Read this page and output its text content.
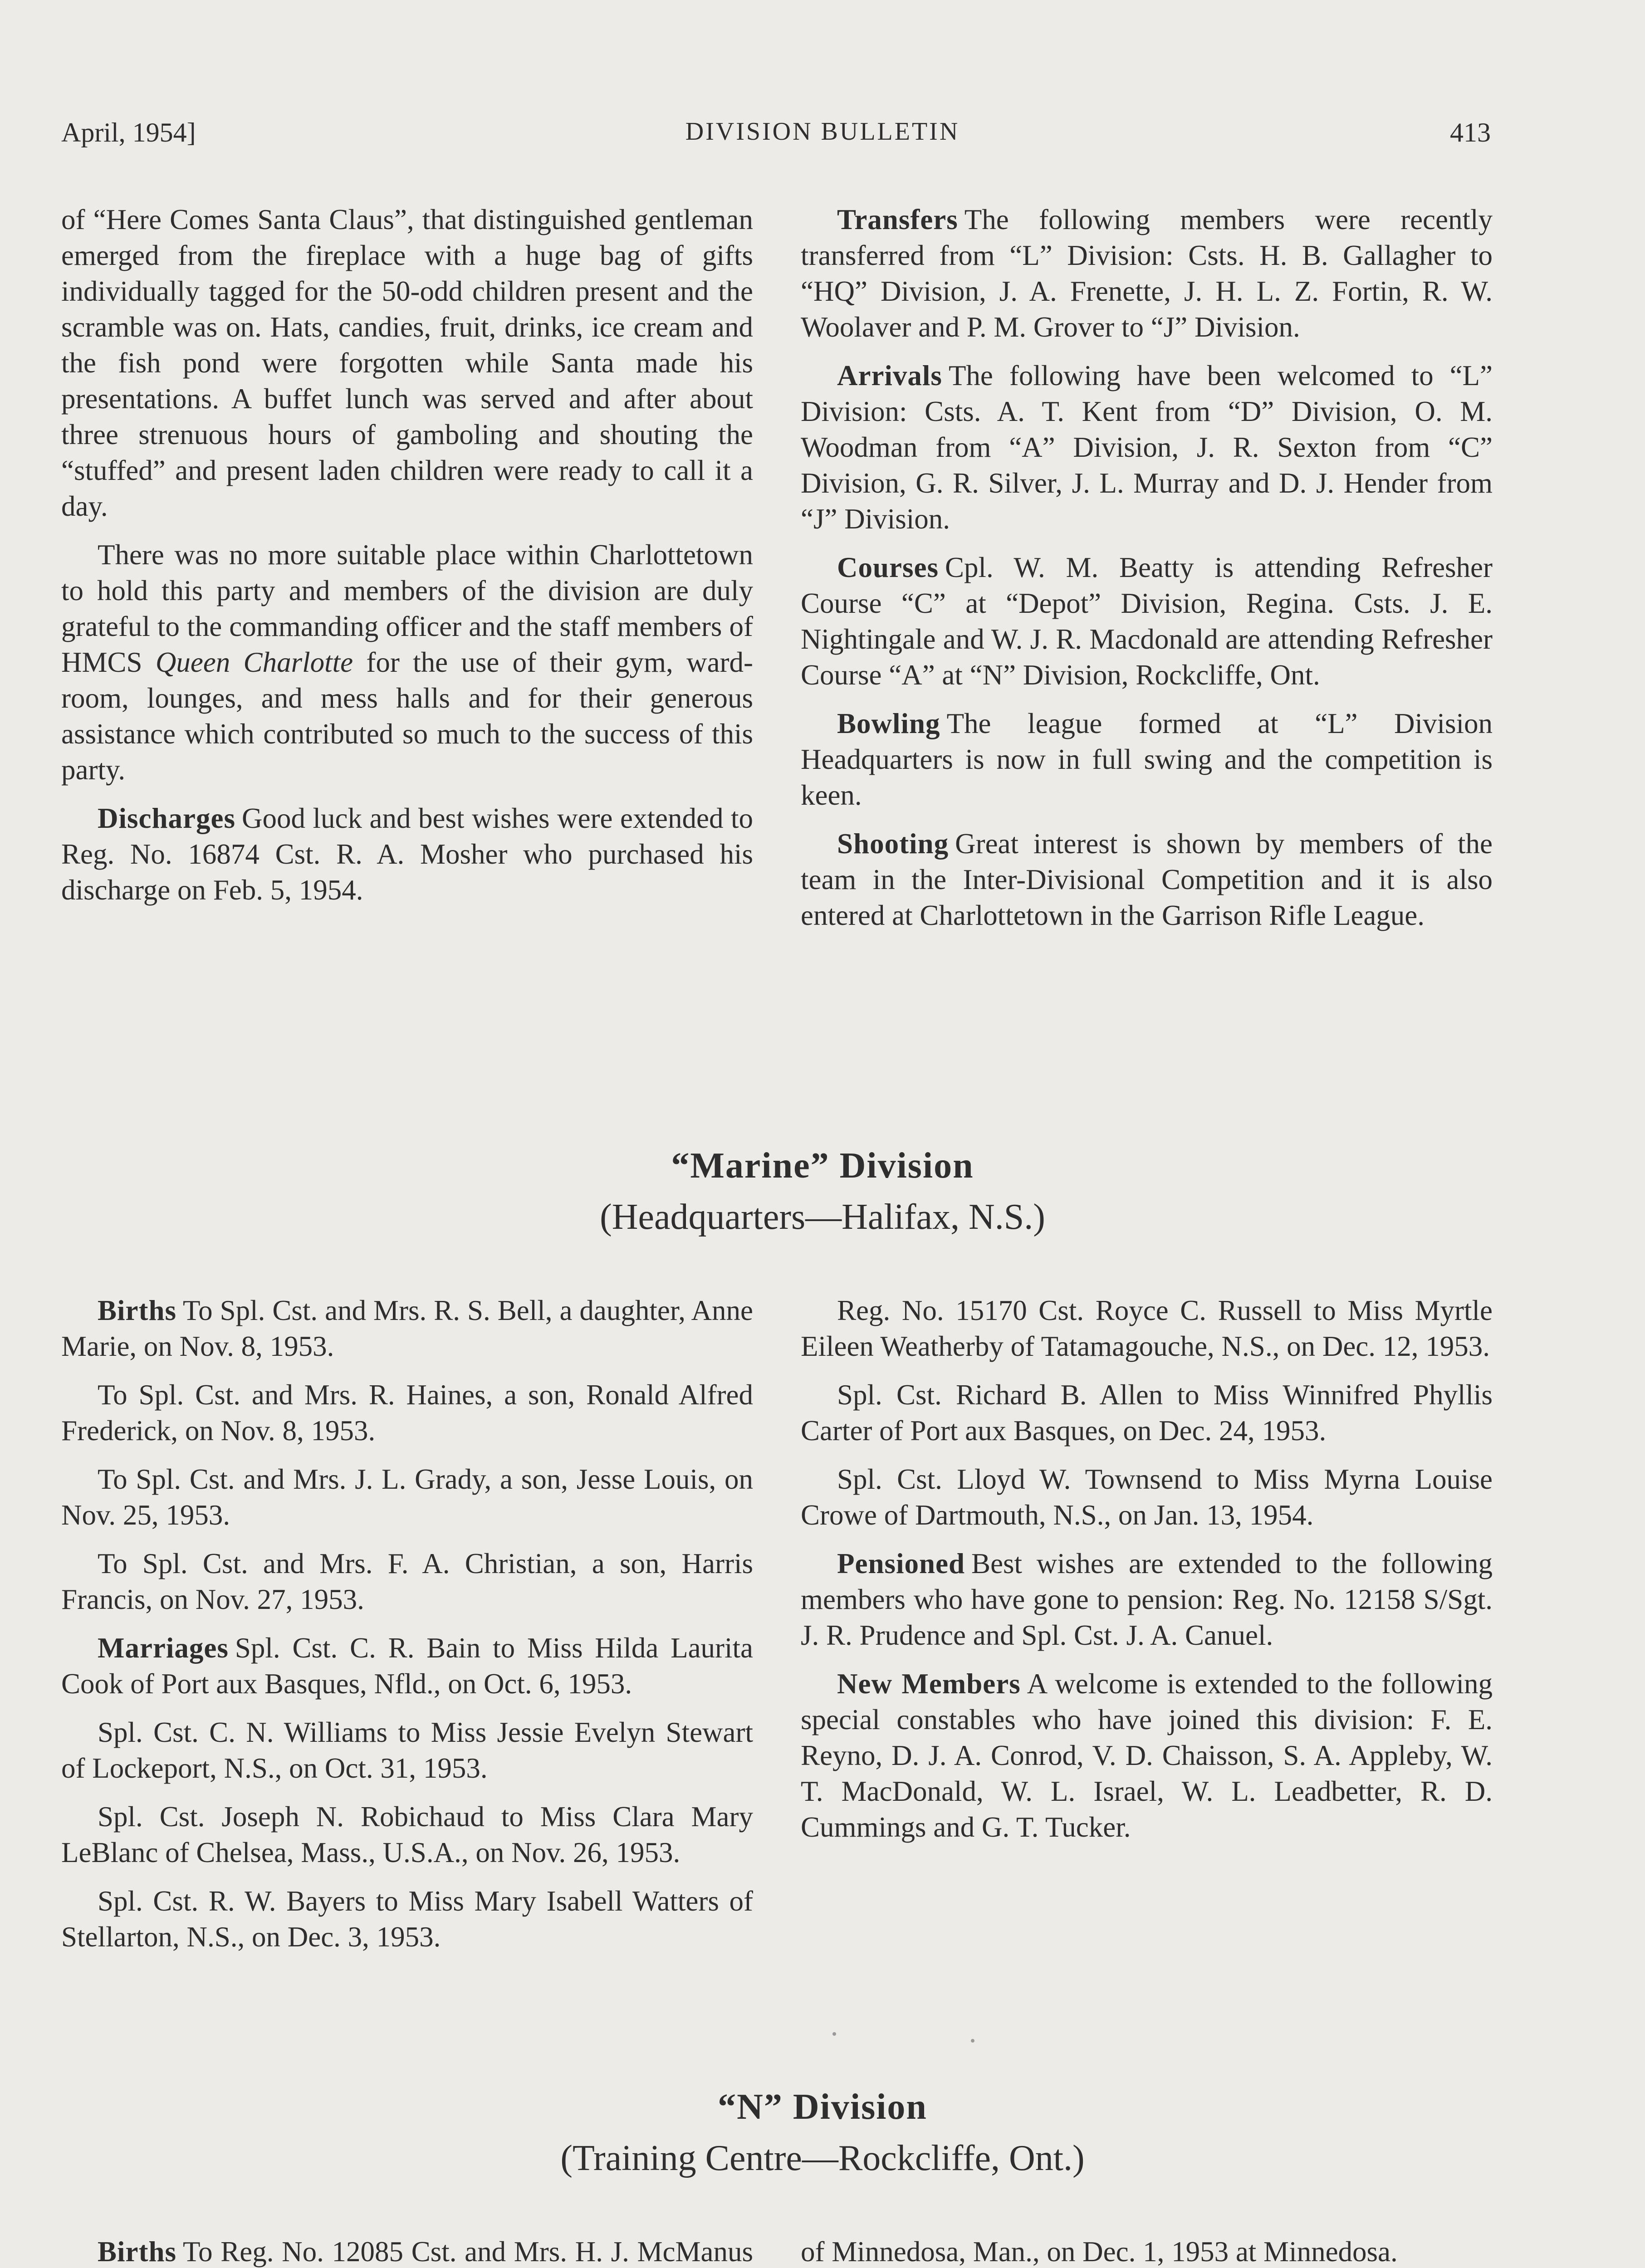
April, 1954]	DIVISION BULLETIN	413

of “Here Comes Santa Claus”, that distinguished gentleman emerged from the fireplace with a huge bag of gifts individually tagged for the 50-odd children present and the scramble was on. Hats, candies, fruit, drinks, ice cream and the fish pond were forgotten while Santa made his presentations. A buffet lunch was served and after about three strenuous hours of gamboling and shouting the “stuffed” and present laden children were ready to call it a day.

There was no more suitable place within Charlottetown to hold this party and members of the division are duly grateful to the commanding officer and the staff members of HMCS Queen Charlotte for the use of their gym, ward-room, lounges, and mess halls and for their generous assistance which contributed so much to the success of this party.

Discharges Good luck and best wishes were extended to Reg. No. 16874 Cst. R. A. Mosher who purchased his discharge on Feb. 5, 1954.

Transfers The following members were recently transferred from “L” Division: Csts. H. B. Gallagher to “HQ” Division, J. A. Frenette, J. H. L. Z. Fortin, R. W. Woolaver and P. M. Grover to “J” Division.

Arrivals The following have been welcomed to “L” Division: Csts. A. T. Kent from “D” Division, O. M. Woodman from “A” Division, J. R. Sexton from “C” Division, G. R. Silver, J. L. Murray and D. J. Hender from “J” Division.

Courses Cpl. W. M. Beatty is attending Refresher Course “C” at “Depot” Division, Regina. Csts. J. E. Nightingale and W. J. R. Macdonald are attending Refresher Course “A” at “N” Division, Rockcliffe, Ont.

Bowling The league formed at “L” Division Headquarters is now in full swing and the competition is keen.

Shooting Great interest is shown by members of the team in the Inter-Divisional Competition and it is also entered at Charlottetown in the Garrison Rifle League.

“Marine” Division
(Headquarters—Halifax, N.S.)

Births To Spl. Cst. and Mrs. R. S. Bell, a daughter, Anne Marie, on Nov. 8, 1953.

To Spl. Cst. and Mrs. R. Haines, a son, Ronald Alfred Frederick, on Nov. 8, 1953.

To Spl. Cst. and Mrs. J. L. Grady, a son, Jesse Louis, on Nov. 25, 1953.

To Spl. Cst. and Mrs. F. A. Christian, a son, Harris Francis, on Nov. 27, 1953.

Marriages Spl. Cst. C. R. Bain to Miss Hilda Laurita Cook of Port aux Basques, Nfld., on Oct. 6, 1953.

Spl. Cst. C. N. Williams to Miss Jessie Evelyn Stewart of Lockeport, N.S., on Oct. 31, 1953.

Spl. Cst. Joseph N. Robichaud to Miss Clara Mary LeBlanc of Chelsea, Mass., U.S.A., on Nov. 26, 1953.

Spl. Cst. R. W. Bayers to Miss Mary Isabell Watters of Stellarton, N.S., on Dec. 3, 1953.

Reg. No. 15170 Cst. Royce C. Russell to Miss Myrtle Eileen Weatherby of Tatamagouche, N.S., on Dec. 12, 1953.

Spl. Cst. Richard B. Allen to Miss Winnifred Phyllis Carter of Port aux Basques, on Dec. 24, 1953.

Spl. Cst. Lloyd W. Townsend to Miss Myrna Louise Crowe of Dartmouth, N.S., on Jan. 13, 1954.

Pensioned Best wishes are extended to the following members who have gone to pension: Reg. No. 12158 S/Sgt. J. R. Prudence and Spl. Cst. J. A. Canuel.

New Members A welcome is extended to the following special constables who have joined this division: F. E. Reyno, D. J. A. Conrod, V. D. Chaisson, S. A. Appleby, W. T. MacDonald, W. L. Israel, W. L. Leadbetter, R. D. Cummings and G. T. Tucker.

“N” Division
(Training Centre—Rockcliffe, Ont.)

Births To Reg. No. 12085 Cst. and Mrs. H. J. McManus of Minnedosa, Man., on Dec. 1, 1953 at Minnedosa.
